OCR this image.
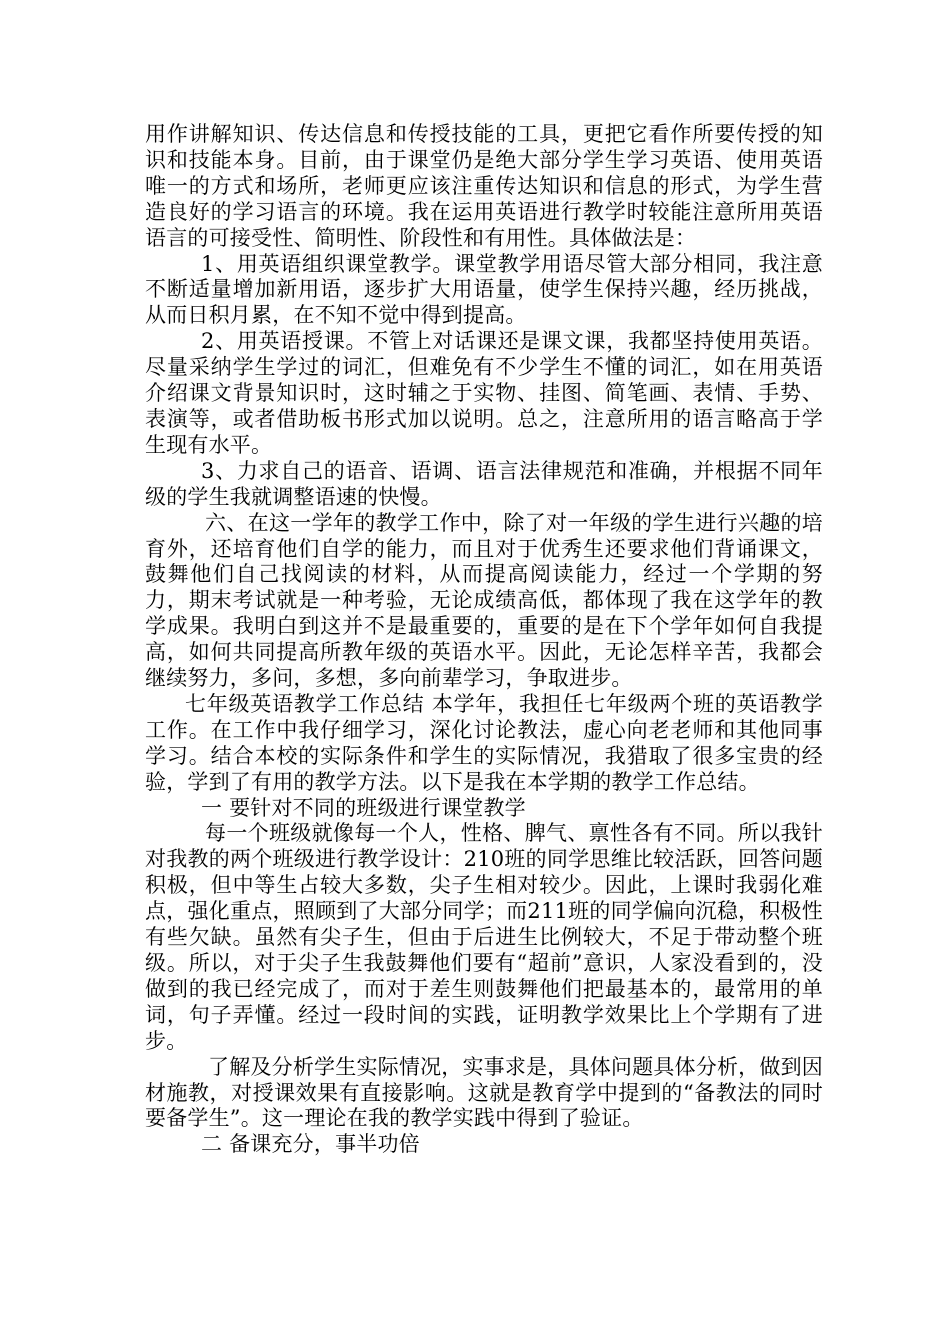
用作讲解知识、传达信息和传授技能的工具，更把它看作所要传授的知识和技能本身。目前，由于课堂仍是绝大部分学生学习英语、使用英语唯一的方式和场所，老师更应该注重传达知识和信息的形式，为学生营造良好的学习语言的环境。我在运用英语进行教学时较能注意所用英语语言的可接受性、简明性、阶段性和有用性。具体做法是：

1、用英语组织课堂教学。课堂教学用语尽管大部分相同，我注意不断适量增加新用语，逐步扩大用语量，使学生保持兴趣，经历挑战，从而日积月累，在不知不觉中得到提高。

2、用英语授课。不管上对话课还是课文课，我都坚持使用英语。尽量采纳学生学过的词汇，但难免有不少学生不懂的词汇，如在用英语介绍课文背景知识时，这时辅之于实物、挂图、简笔画、表情、手势、表演等，或者借助板书形式加以说明。总之，注意所用的语言略高于学生现有水平。

3、力求自己的语音、语调、语言法律规范和准确，并根据不同年级的学生我就调整语速的快慢。

六、在这一学年的教学工作中，除了对一年级的学生进行兴趣的培育外，还培育他们自学的能力，而且对于优秀生还要求他们背诵课文，鼓舞他们自己找阅读的材料，从而提高阅读能力，经过一个学期的努力，期末考试就是一种考验，无论成绩高低，都体现了我在这学年的教学成果。我明白到这并不是最重要的，重要的是在下个学年如何自我提高，如何共同提高所教年级的英语水平。因此，无论怎样辛苦，我都会继续努力，多问，多想，多向前辈学习，争取进步。

七年级英语教学工作总结 本学年，我担任七年级两个班的英语教学工作。在工作中我仔细学习，深化讨论教法，虚心向老老师和其他同事学习。结合本校的实际条件和学生的实际情况，我猎取了很多宝贵的经验，学到了有用的教学方法。以下是我在本学期的教学工作总结。

一 要针对不同的班级进行课堂教学

每一个班级就像每一个人，性格、脾气、禀性各有不同。所以我针对我教的两个班级进行教学设计：210班的同学思维比较活跃，回答问题积极，但中等生占较大多数，尖子生相对较少。因此，上课时我弱化难点，强化重点，照顾到了大部分同学；而211班的同学偏向沉稳，积极性有些欠缺。虽然有尖子生，但由于后进生比例较大，不足于带动整个班级。所以，对于尖子生我鼓舞他们要有“超前”意识，人家没看到的，没做到的我已经完成了，而对于差生则鼓舞他们把最基本的，最常用的单词，句子弄懂。经过一段时间的实践，证明教学效果比上个学期有了进步。

了解及分析学生实际情况，实事求是，具体问题具体分析，做到因材施教，对授课效果有直接影响。这就是教育学中提到的“备教法的同时要备学生”。这一理论在我的教学实践中得到了验证。

二 备课充分，事半功倍
